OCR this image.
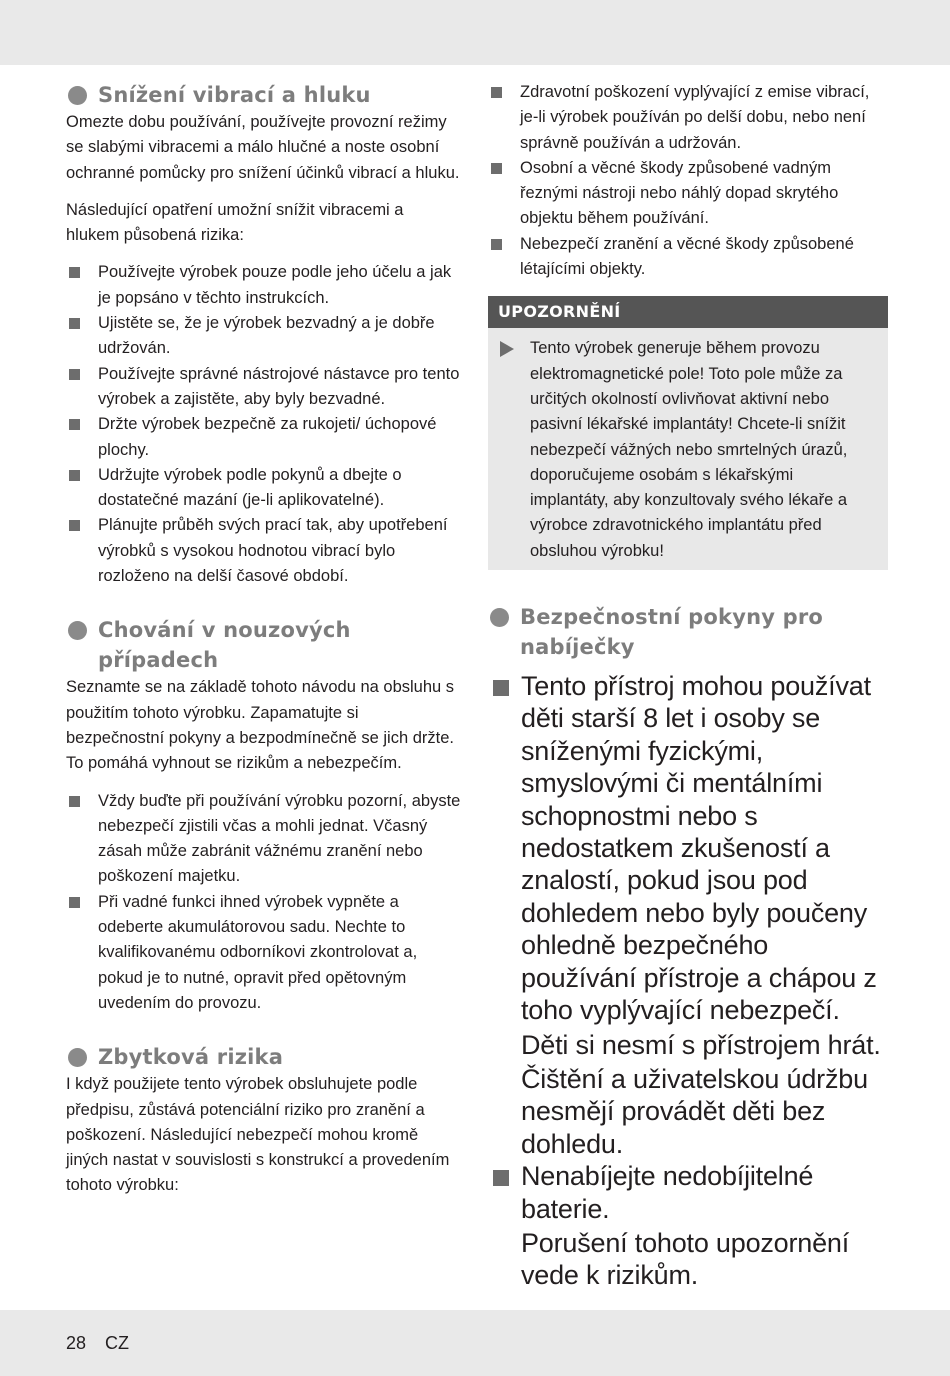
Snížení vibrací a hluku

Omezte dobu používání, používejte provozní režimy se slabými vibracemi a málo hlučné a noste osobní ochranné pomůcky pro snížení účinků vibrací a hluku.

Následující opatření umožní snížit vibracemi a hlukem působená rizika:

Používejte výrobek pouze podle jeho účelu a jak je popsáno v těchto instrukcích.
Ujistěte se, že je výrobek bezvadný a je dobře udržován.
Používejte správné nástrojové nástavce pro tento výrobek a zajistěte, aby byly bezvadné.
Držte výrobek bezpečně za rukojeti/ úchopové plochy.
Udržujte výrobek podle pokynů a dbejte o dostatečné mazání (je-li aplikovatelné).
Plánujte průběh svých prací tak, aby upotřebení výrobků s vysokou hodnotou vibrací bylo rozloženo na delší časové období.
Chování v nouzových případech

Seznamte se na základě tohoto návodu na obsluhu s použitím tohoto výrobku. Zapamatujte si bezpečnostní pokyny a bezpodmínečně se jich držte. To pomáhá vyhnout se rizikům a nebezpečím.

Vždy buďte při používání výrobku pozorní, abyste nebezpečí zjistili včas a mohli jednat. Včasný zásah může zabránit vážnému zranění nebo poškození majetku.
Při vadné funkci ihned výrobek vypněte a odeberte akumulátorovou sadu. Nechte to kvalifikovanému odborníkovi zkontrolovat a, pokud je to nutné, opravit před opětovným uvedením do provozu.
Zbytková rizika

I když použijete tento výrobek obsluhujete podle předpisu, zůstává potenciální riziko pro zranění a poškození. Následující nebezpečí mohou kromě jiných nastat v souvislosti s konstrukcí a provedením tohoto výrobku:

Zdravotní poškození vyplývající z emise vibrací, je-li výrobek používán po delší dobu, nebo není správně používán a udržován.
Osobní a věcné škody způsobené vadným řeznými nástroji nebo náhlý dopad skrytého objektu během používání.
Nebezpečí zranění a věcné škody způsobené létajícími objekty.
UPOZORNĚNÍ
Tento výrobek generuje během provozu elektromagnetické pole! Toto pole může za určitých okolností ovlivňovat aktivní nebo pasivní lékařské implantáty! Chcete-li snížit nebezpečí vážných nebo smrtelných úrazů, doporučujeme osobám s lékařskými implantáty, aby konzultovaly svého lékaře a výrobce zdravotnického implantátu před obsluhou výrobku!
Bezpečnostní pokyny pro nabíječky
Tento přístroj mohou používat děti starší 8 let i osoby se sníženými fyzickými, smyslovými či mentálními schopnostmi nebo s nedostatkem zkušeností a znalostí, pokud jsou pod dohledem nebo byly poučeny ohledně bezpečného používání přístroje a chápou z toho vyplývající nebezpečí.
Děti si nesmí s přístrojem hrát.
Čištění a uživatelskou údržbu nesmějí provádět děti bez dohledu.
Nenabíjejte nedobíjitelné baterie.
Porušení tohoto upozornění vede k rizikům.
28 CZ
